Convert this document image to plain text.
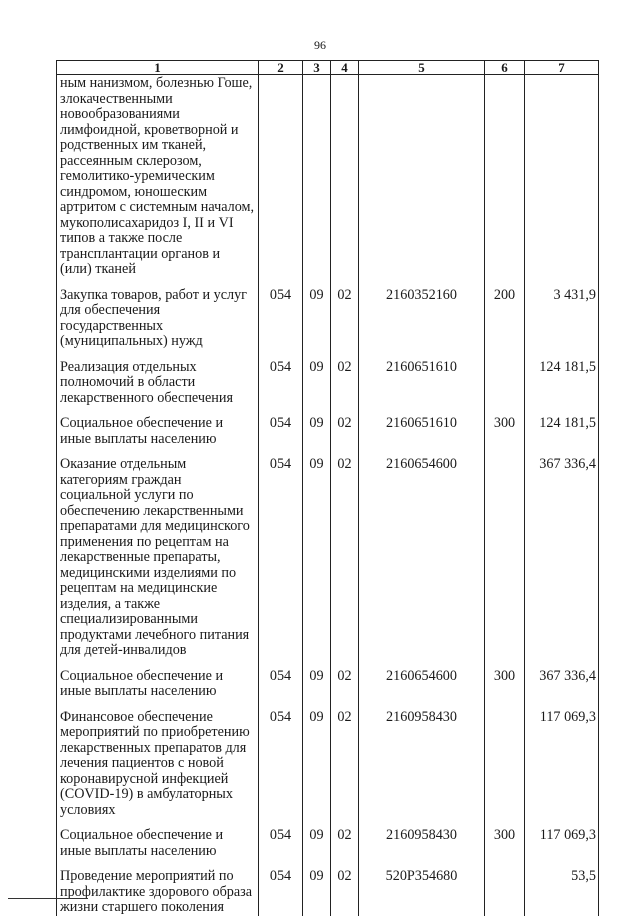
96
1	2	3	4	5	6	7
ным нанизмом, болезнью Гоше, злокачественными новообразованиями лимфоидной, кроветворной и родственных им тканей, рассеянным склерозом, гемолитико-уремическим синдромом, юношеским артритом с системным началом, мукополисахаридоз I, II и VI типов а также после трансплантации органов и (или) тканей						
Закупка товаров, работ и услуг для обеспечения государственных (муниципальных) нужд	054	09	02	2160352160	200	3 431,9
Реализация отдельных полномочий в области лекарственного обеспечения	054	09	02	2160651610		124 181,5
Социальное обеспечение и иные выплаты населению	054	09	02	2160651610	300	124 181,5
Оказание отдельным категориям граждан социальной услуги по обеспечению лекарственными препаратами для медицинского применения по рецептам на лекарственные препараты, медицинскими изделиями по рецептам на медицинские изделия, а также специализированными продуктами лечебного питания для детей-инвалидов	054	09	02	2160654600		367 336,4
Социальное обеспечение и иные выплаты населению	054	09	02	2160654600	300	367 336,4
Финансовое обеспечение мероприятий по приобретению лекарственных препаратов для лечения пациентов с новой коронавирусной инфекцией (COVID-19) в амбулаторных условиях	054	09	02	2160958430		117 069,3
Социальное обеспечение и иные выплаты населению	054	09	02	2160958430	300	117 069,3
Проведение мероприятий по профилактике здорового образа жизни старшего поколения	054	09	02	520Р354680		53,5
